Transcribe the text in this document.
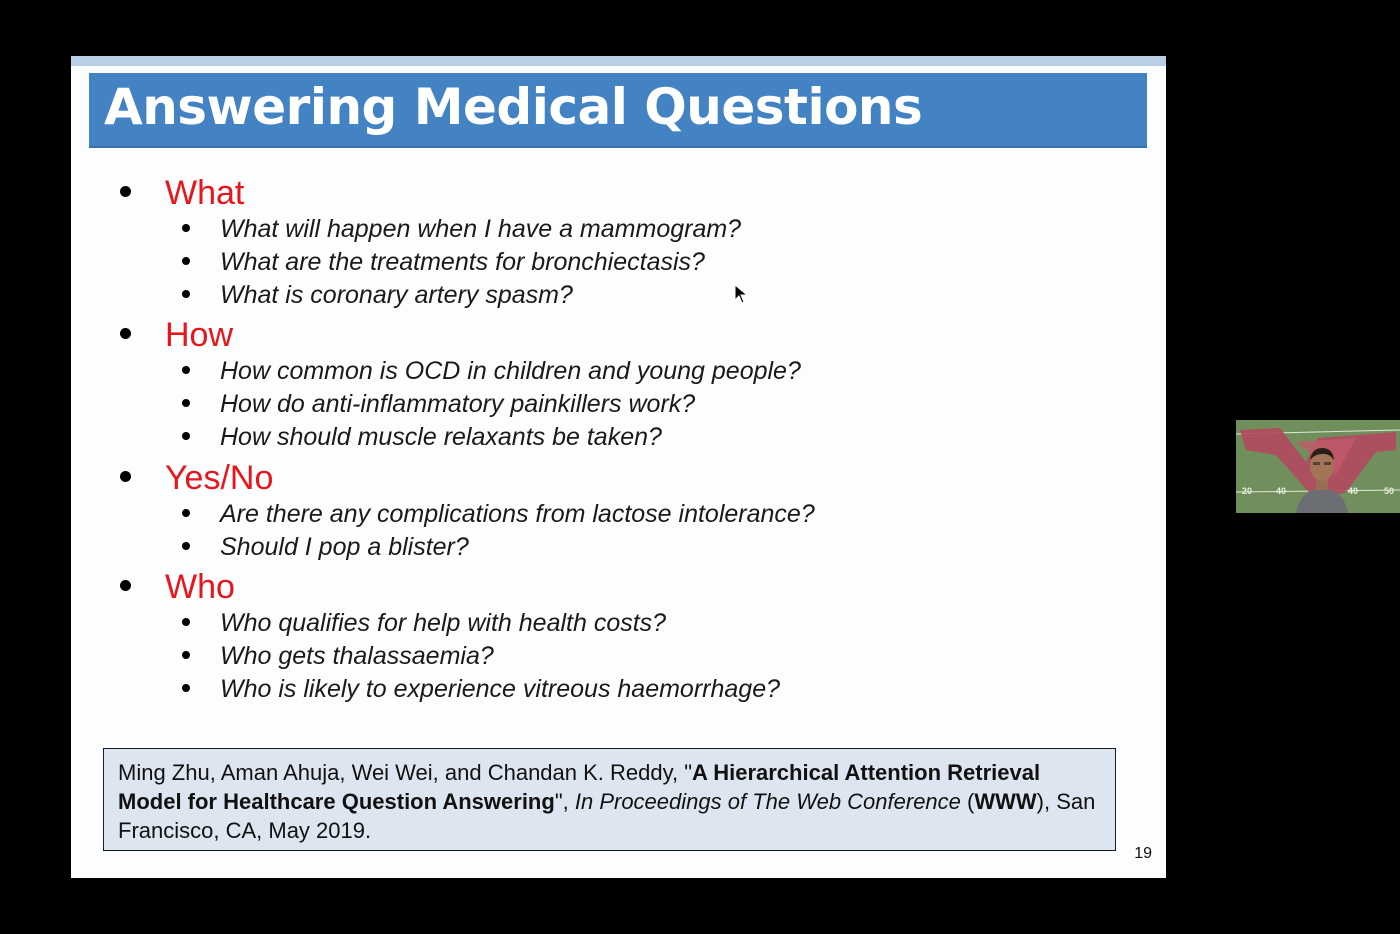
Answering Medical Questions
What
What will happen when I have a mammogram?
What are the treatments for bronchiectasis?
What is coronary artery spasm?
How
How common is OCD in children and young people?
How do anti-inflammatory painkillers work?
How should muscle relaxants be taken?
Yes/No
Are there any complications from lactose intolerance?
Should I pop a blister?
Who
Who qualifies for help with health costs?
Who gets thalassaemia?
Who is likely to experience vitreous haemorrhage?
Ming Zhu, Aman Ahuja, Wei Wei, and Chandan K. Reddy, "A Hierarchical Attention Retrieval Model for Healthcare Question Answering", In Proceedings of The Web Conference (WWW), San Francisco, CA, May 2019.
19
20	40	40	50
